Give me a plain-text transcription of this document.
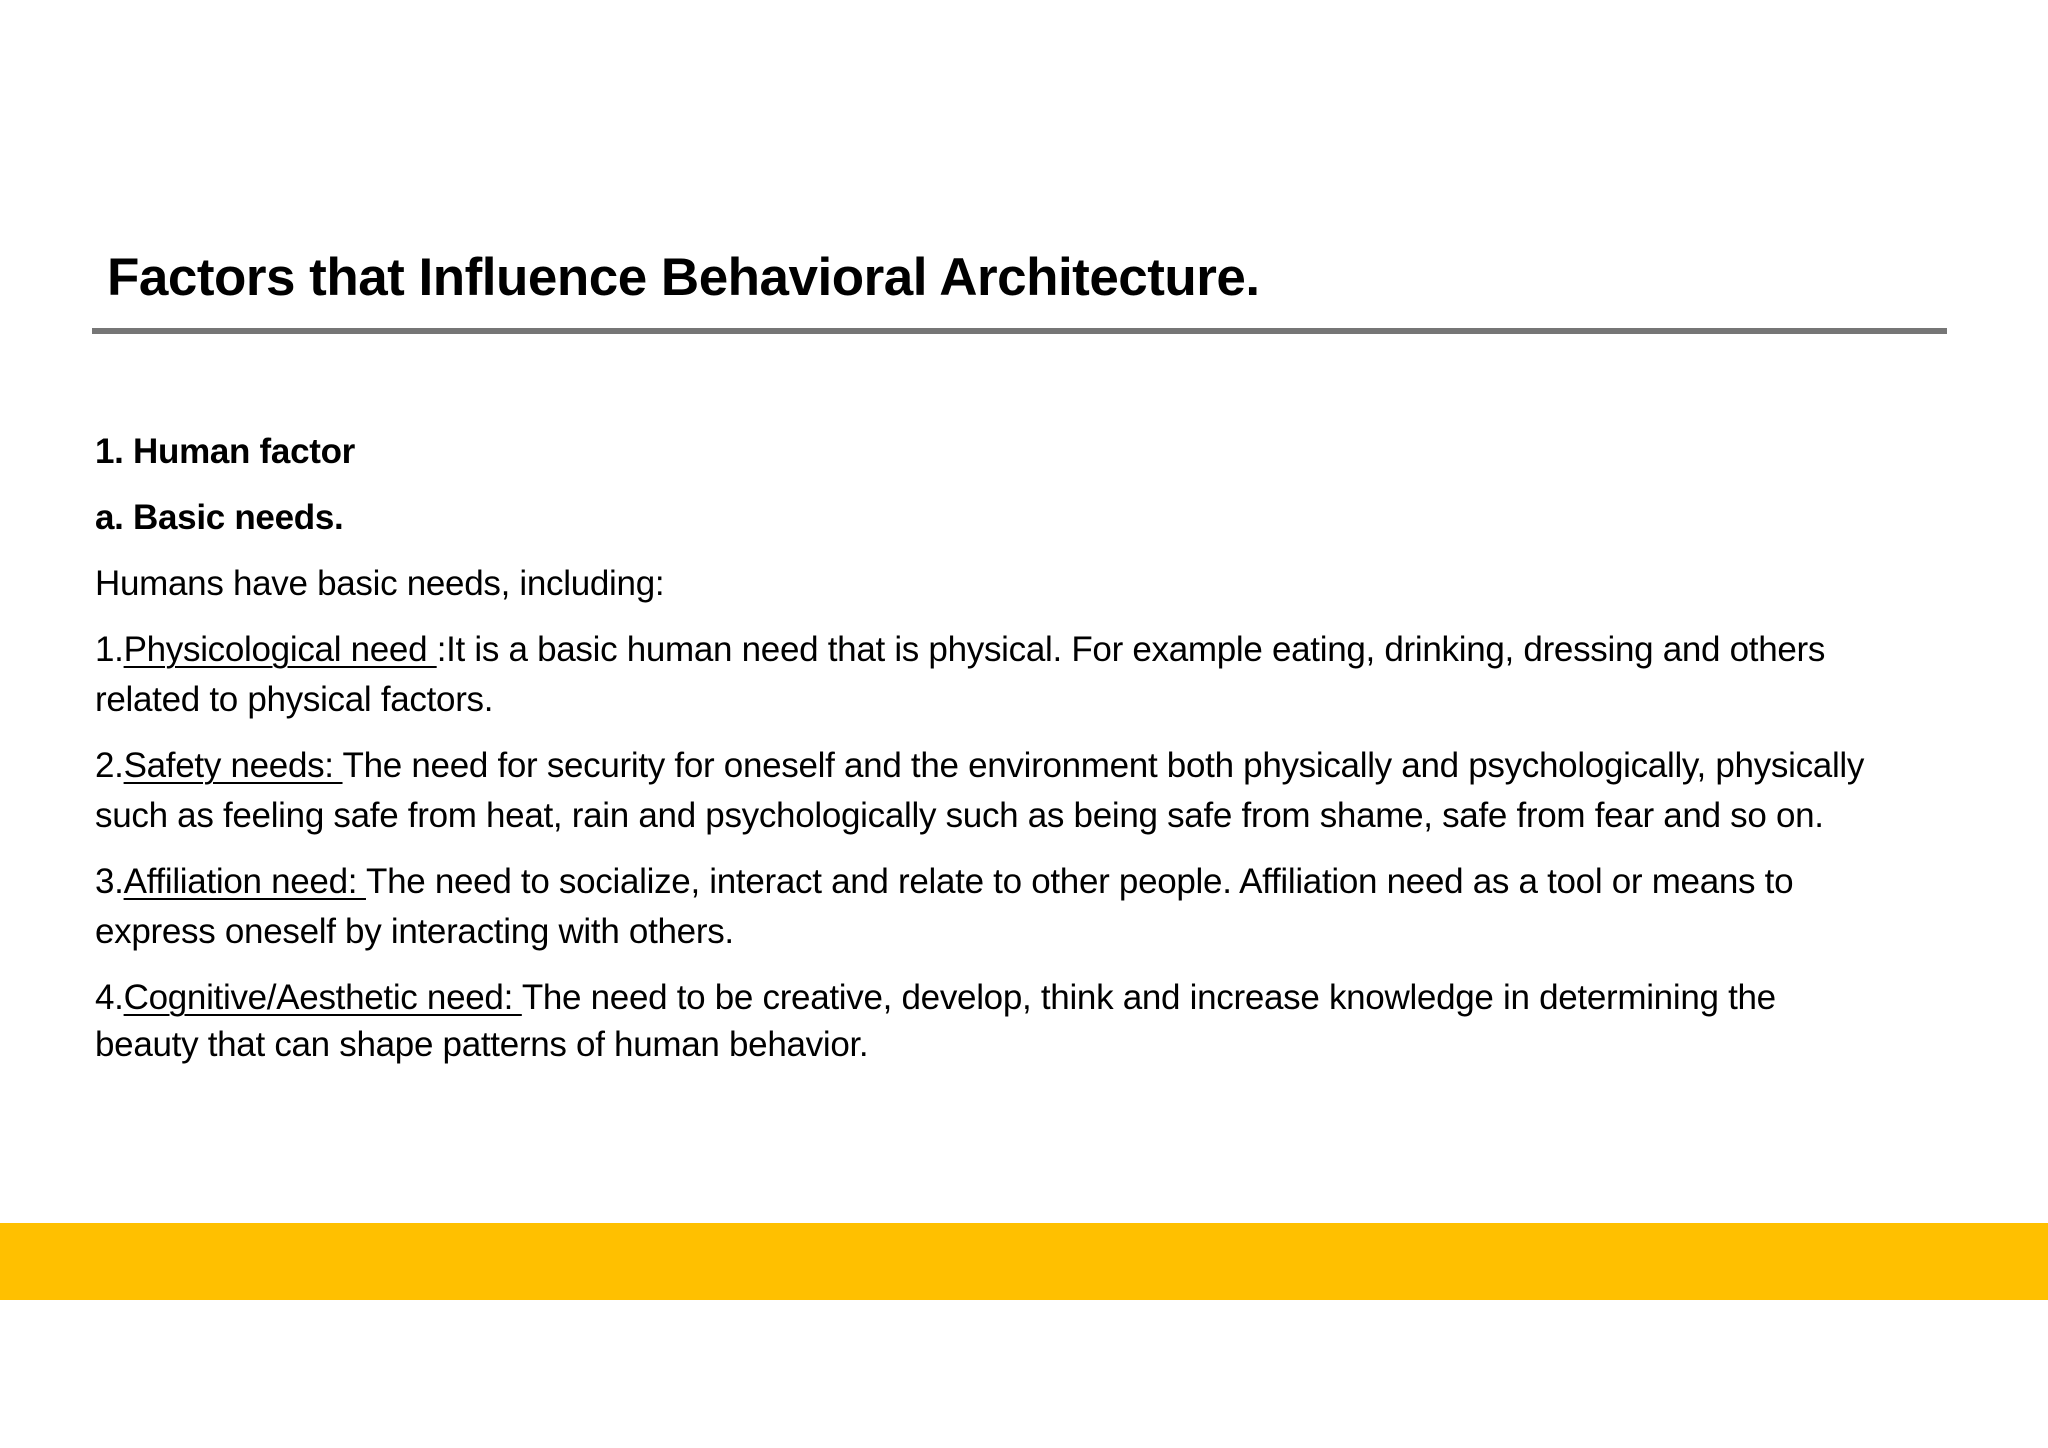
Factors that Influence Behavioral Architecture.
1. Human factor
a. Basic needs.
Humans have basic needs, including:
1.Physicological need :It is a basic human need that is physical. For example eating, drinking, dressing and others
related to physical factors.
2.Safety needs: The need for security for oneself and the environment both physically and psychologically, physically
such as feeling safe from heat, rain and psychologically such as being safe from shame, safe from fear and so on.
3.Affiliation need: The need to socialize, interact and relate to other people. Affiliation need as a tool or means to
express oneself by interacting with others.
4.Cognitive/Aesthetic need: The need to be creative, develop, think and increase knowledge in determining the
beauty that can shape patterns of human behavior.
